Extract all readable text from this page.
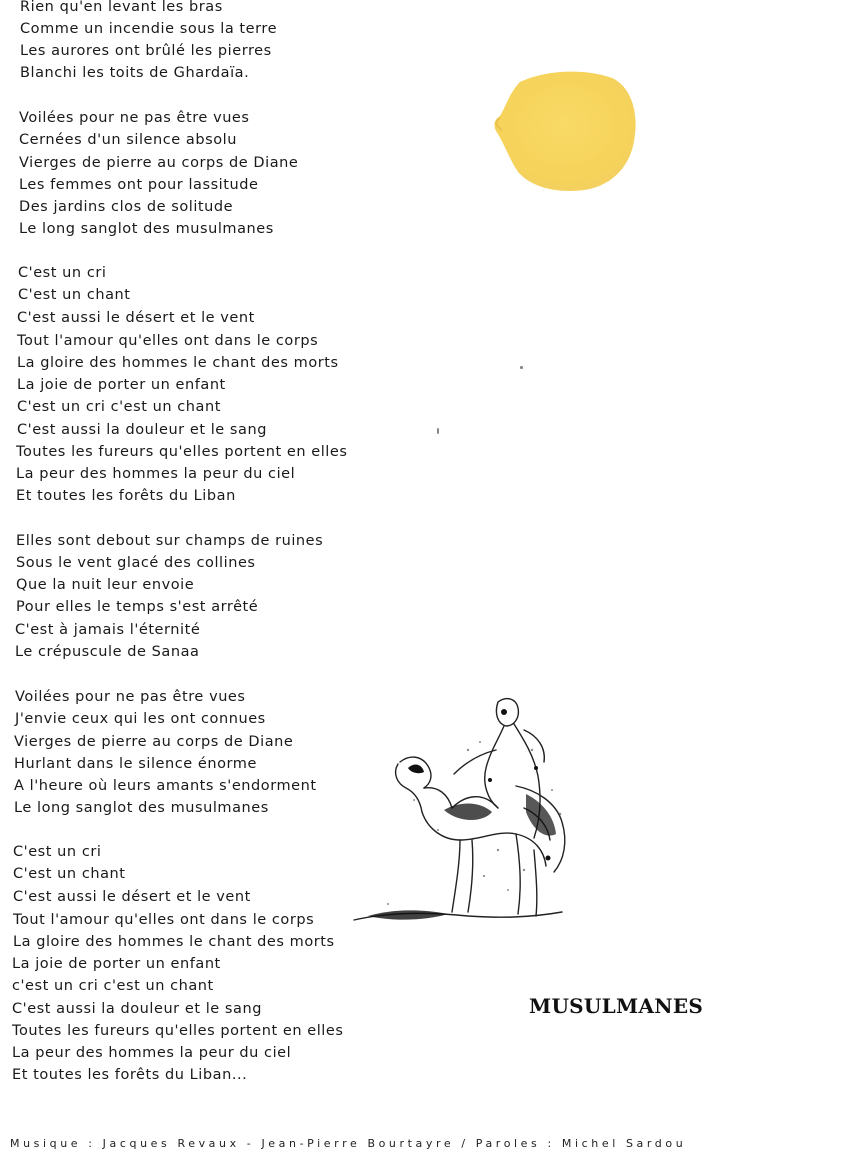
Rien qu'en levant les bras
Comme un incendie sous la terre
Les aurores ont brûlé les pierres
Blanchi les toits de Ghardaïa.
Voilées pour ne pas être vues
Cernées d'un silence absolu
Vierges de pierre au corps de Diane
Les femmes ont pour lassitude
Des jardins clos de solitude
Le long sanglot des musulmanes
C'est un cri
C'est un chant
C'est aussi le désert et le vent
Tout l'amour qu'elles ont dans le corps
La gloire des hommes le chant des morts
La joie de porter un enfant
C'est un cri c'est un chant
C'est aussi la douleur et le sang
Toutes les fureurs qu'elles portent en elles
La peur des hommes la peur du ciel
Et toutes les forêts du Liban
Elles sont debout sur champs de ruines
Sous le vent glacé des collines
Que la nuit leur envoie
Pour elles le temps s'est arrêté
C'est à jamais l'éternité
Le crépuscule de Sanaa
Voilées pour ne pas être vues
J'envie ceux qui les ont connues
Vierges de pierre au corps de Diane
Hurlant dans le silence énorme
A l'heure où leurs amants s'endorment
Le long sanglot des musulmanes
C'est un cri
C'est un chant
C'est aussi le désert et le vent
Tout l'amour qu'elles ont dans le corps
La gloire des hommes le chant des morts
La joie de porter un enfant
c'est un cri c'est un chant
C'est aussi la douleur et le sang
Toutes les fureurs qu'elles portent en elles
La peur des hommes la peur du ciel
Et toutes les forêts du Liban...
MUSULMANES
Musique : Jacques Revaux - Jean-Pierre Bourtayre / Paroles : Michel Sardou
